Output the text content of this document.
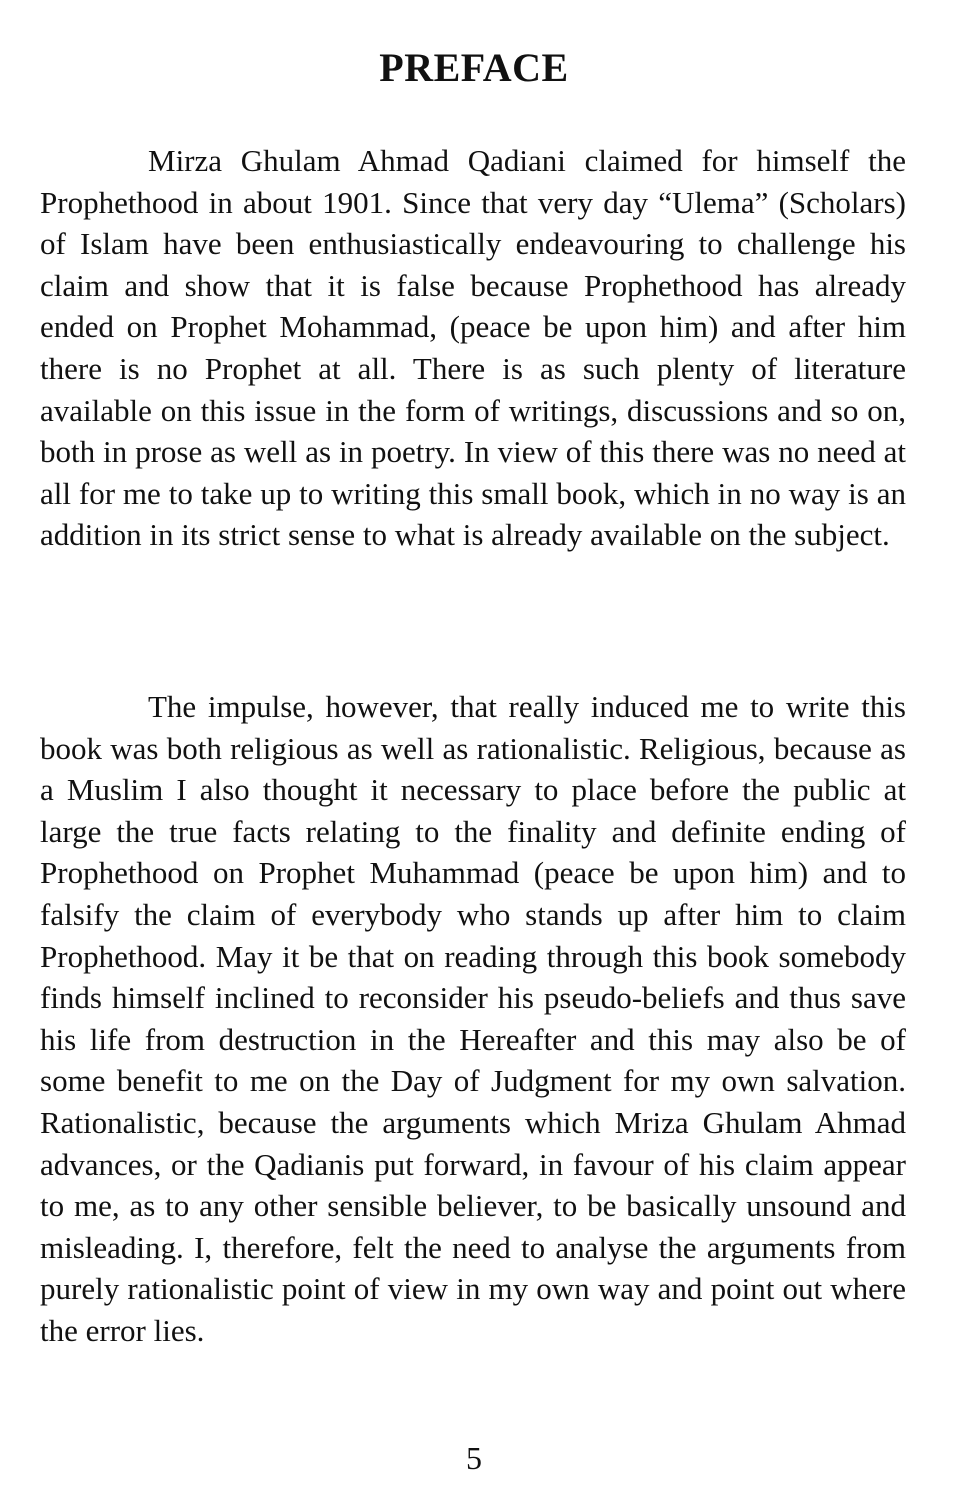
PREFACE

Mirza Ghulam Ahmad Qadiani claimed for himself the Prophethood in about 1901. Since that very day “Ulema” (Scholars) of Islam have been enthusiastically endeavouring to challenge his claim and show that it is false because Prophethood has already ended on Prophet Mohammad, (peace be upon him) and after him there is no Prophet at all. There is as such plenty of literature available on this issue in the form of writings, discussions and so on, both in prose as well as in poetry. In view of this there was no need at all for me to take up to writing this small book, which in no way is an addition in its strict sense to what is already available on the subject.

The impulse, however, that really induced me to write this book was both religious as well as rationalistic. Religious, because as a Muslim I also thought it necessary to place before the public at large the true facts relating to the finality and definite ending of Prophethood on Prophet Muhammad (peace be upon him) and to falsify the claim of everybody who stands up after him to claim Prophethood. May it be that on reading through this book somebody finds himself inclined to reconsider his pseudo-beliefs and thus save his life from destruction in the Hereafter and this may also be of some benefit to me on the Day of Judgment for my own salvation. Rationalistic, because the arguments which Mriza Ghulam Ahmad advances, or the Qadianis put forward, in favour of his claim appear to me, as to any other sensible believer, to be basically unsound and misleading. I, therefore, felt the need to analyse the arguments from purely rationalistic point of view in my own way and point out where the error lies.

5
